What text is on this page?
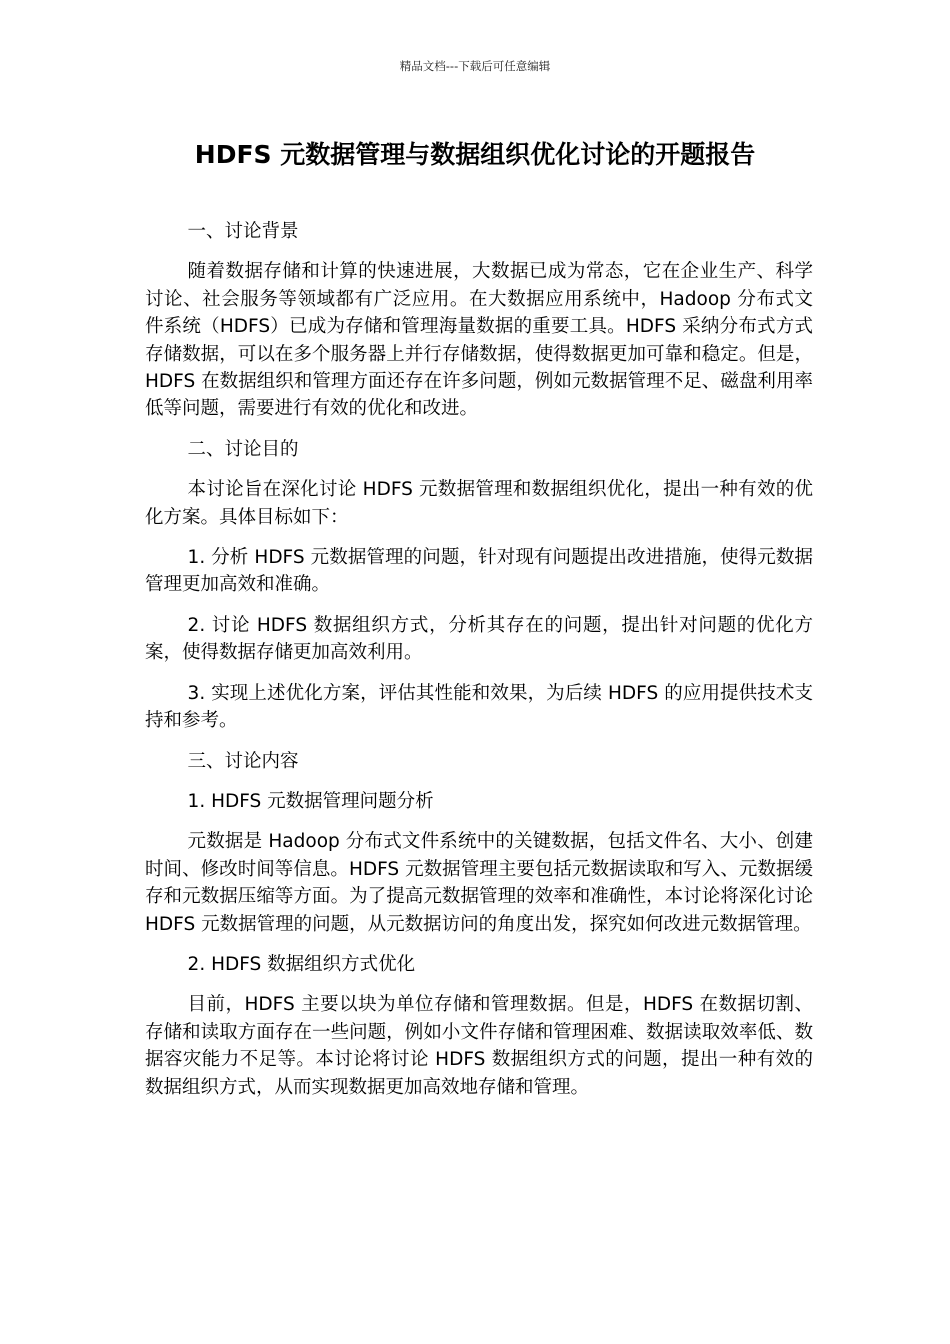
精品文档---下载后可任意编辑
HDFS 元数据管理与数据组织优化讨论的开题报告

一、讨论背景

随着数据存储和计算的快速进展，大数据已成为常态，它在企业生产、科学讨论、社会服务等领域都有广泛应用。在大数据应用系统中，Hadoop 分布式文件系统（HDFS）已成为存储和管理海量数据的重要工具。HDFS 采纳分布式方式存储数据，可以在多个服务器上并行存储数据，使得数据更加可靠和稳定。但是，HDFS 在数据组织和管理方面还存在许多问题，例如元数据管理不足、磁盘利用率低等问题，需要进行有效的优化和改进。

二、讨论目的

本讨论旨在深化讨论 HDFS 元数据管理和数据组织优化，提出一种有效的优化方案。具体目标如下：

1. 分析 HDFS 元数据管理的问题，针对现有问题提出改进措施，使得元数据管理更加高效和准确。

2. 讨论 HDFS 数据组织方式，分析其存在的问题，提出针对问题的优化方案，使得数据存储更加高效利用。

3. 实现上述优化方案，评估其性能和效果，为后续 HDFS 的应用提供技术支持和参考。

三、讨论内容

1. HDFS 元数据管理问题分析

元数据是 Hadoop 分布式文件系统中的关键数据，包括文件名、大小、创建时间、修改时间等信息。HDFS 元数据管理主要包括元数据读取和写入、元数据缓存和元数据压缩等方面。为了提高元数据管理的效率和准确性，本讨论将深化讨论 HDFS 元数据管理的问题，从元数据访问的角度出发，探究如何改进元数据管理。

2. HDFS 数据组织方式优化

目前，HDFS 主要以块为单位存储和管理数据。但是，HDFS 在数据切割、存储和读取方面存在一些问题，例如小文件存储和管理困难、数据读取效率低、数据容灾能力不足等。本讨论将讨论 HDFS 数据组织方式的问题，提出一种有效的数据组织方式，从而实现数据更加高效地存储和管理。
